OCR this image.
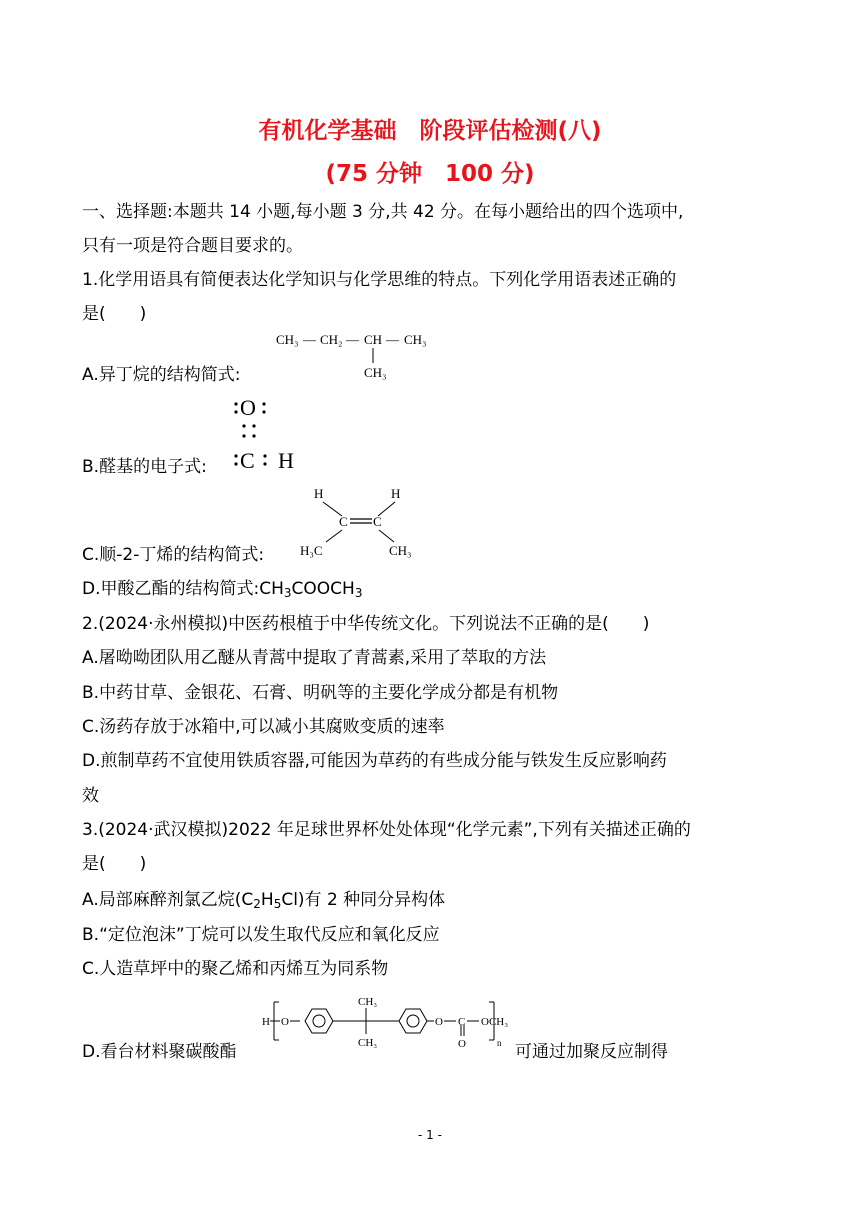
有机化学基础　阶段评估检测(八)
(75 分钟　100 分)
一、选择题:本题共 14 小题,每小题 3 分,共 42 分。在每小题给出的四个选项中,
只有一项是符合题目要求的。
1.化学用语具有简便表达化学知识与化学思维的特点。下列化学用语表述正确的
是(　　)
A.异丁烷的结构简式:
CH₃ — CH₂ — CH — CH₃
CH₃
B.醛基的电子式:
O
C H
C.顺-2-丁烯的结构简式:
H	H
C C
H₃C	CH₃
D.甲酸乙酯的结构简式$:CH_3COOCH_3$
2.(2024·永州模拟)中医药根植于中华传统文化。下列说法不正确的是(　　)
A.屠呦呦团队用乙醚从青蒿中提取了青蒿素,采用了萃取的方法
B.中药甘草、金银花、石膏、明矾等的主要化学成分都是有机物
C.汤药存放于冰箱中,可以减小其腐败变质的速率
D.煎制草药不宜使用铁质容器,可能因为草药的有些成分能与铁发生反应影响药
效
3.(2024·武汉模拟)2022 年足球世界杯处处体现“化学元素”,下列有关描述正确的
是(　　)
A.局部麻醉剂氯乙烷$(C_2H_5Cl)$有 2 种同分异构体
B.“定位泡沫”丁烷可以发生取代反应和氧化反应
C.人造草坪中的聚乙烯和丙烯互为同系物
D.看台材料聚碳酸酯
H O
CH₃
CH₃
O C
O
OCH₃
n 可通过加聚反应制得
- 1 -
